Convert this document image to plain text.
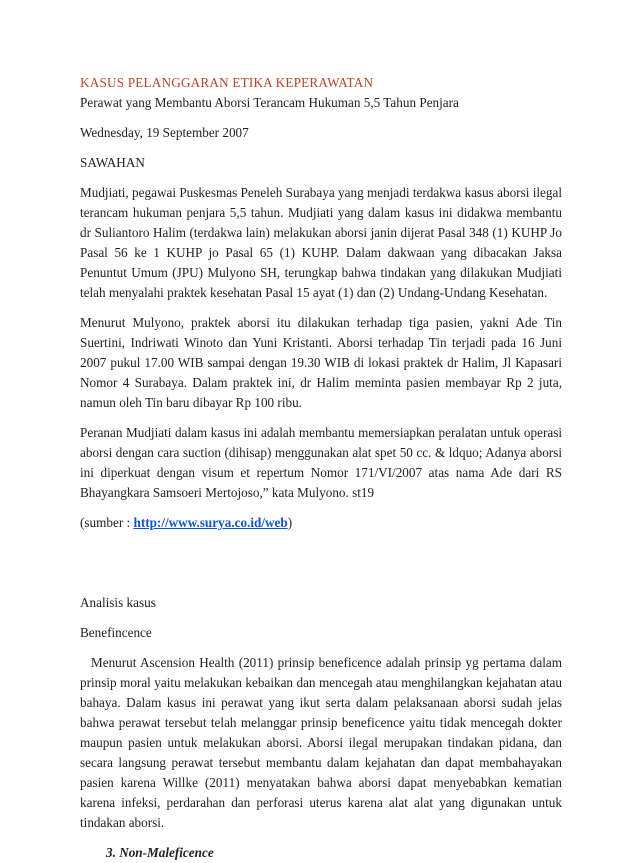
KASUS PELANGGARAN ETIKA KEPERAWATAN

Perawat yang Membantu Aborsi Terancam Hukuman 5,5 Tahun Penjara

Wednesday, 19 September 2007

SAWAHAN

Mudjiati, pegawai Puskesmas Peneleh Surabaya yang menjadi terdakwa kasus aborsi ilegal terancam hukuman penjara 5,5 tahun. Mudjiati yang dalam kasus ini didakwa membantu dr Suliantoro Halim (terdakwa lain) melakukan aborsi janin dijerat Pasal 348 (1) KUHP Jo Pasal 56 ke 1 KUHP jo Pasal 65 (1) KUHP. Dalam dakwaan yang dibacakan Jaksa Penuntut Umum (JPU) Mulyono SH, terungkap bahwa tindakan yang dilakukan Mudjiati telah menyalahi praktek kesehatan Pasal 15 ayat (1) dan (2) Undang-Undang Kesehatan.

Menurut Mulyono, praktek aborsi itu dilakukan terhadap tiga pasien, yakni Ade Tin Suertini, Indriwati Winoto dan Yuni Kristanti. Aborsi terhadap Tin terjadi pada 16 Juni 2007 pukul 17.00 WIB sampai dengan 19.30 WIB di lokasi praktek dr Halim, Jl Kapasari Nomor 4 Surabaya. Dalam praktek ini, dr Halim meminta pasien membayar Rp 2 juta, namun oleh Tin baru dibayar Rp 100 ribu.

Peranan Mudjiati dalam kasus ini adalah membantu memersiapkan peralatan untuk operasi aborsi dengan cara suction (dihisap) menggunakan alat spet 50 cc. & ldquo; Adanya aborsi ini diperkuat dengan visum et repertum Nomor 171/VI/2007 atas nama Ade dari RS Bhayangkara Samsoeri Mertojoso,” kata Mulyono. st19

(sumber : http://www.surya.co.id/web)

Analisis kasus

Benefincence

Menurut Ascension Health (2011) prinsip beneficence adalah prinsip yg pertama dalam prinsip moral yaitu melakukan kebaikan dan mencegah atau menghilangkan kejahatan atau bahaya. Dalam kasus ini perawat yang ikut serta dalam pelaksanaan aborsi sudah jelas bahwa perawat tersebut telah melanggar prinsip beneficence yaitu tidak mencegah dokter maupun pasien untuk melakukan aborsi. Aborsi ilegal merupakan tindakan pidana, dan secara langsung perawat tersebut membantu dalam kejahatan dan dapat membahayakan pasien karena Willke (2011) menyatakan bahwa aborsi dapat menyebabkan kematian karena infeksi, perdarahan dan perforasi uterus karena alat alat yang digunakan untuk tindakan aborsi.

3. Non-Maleficence
